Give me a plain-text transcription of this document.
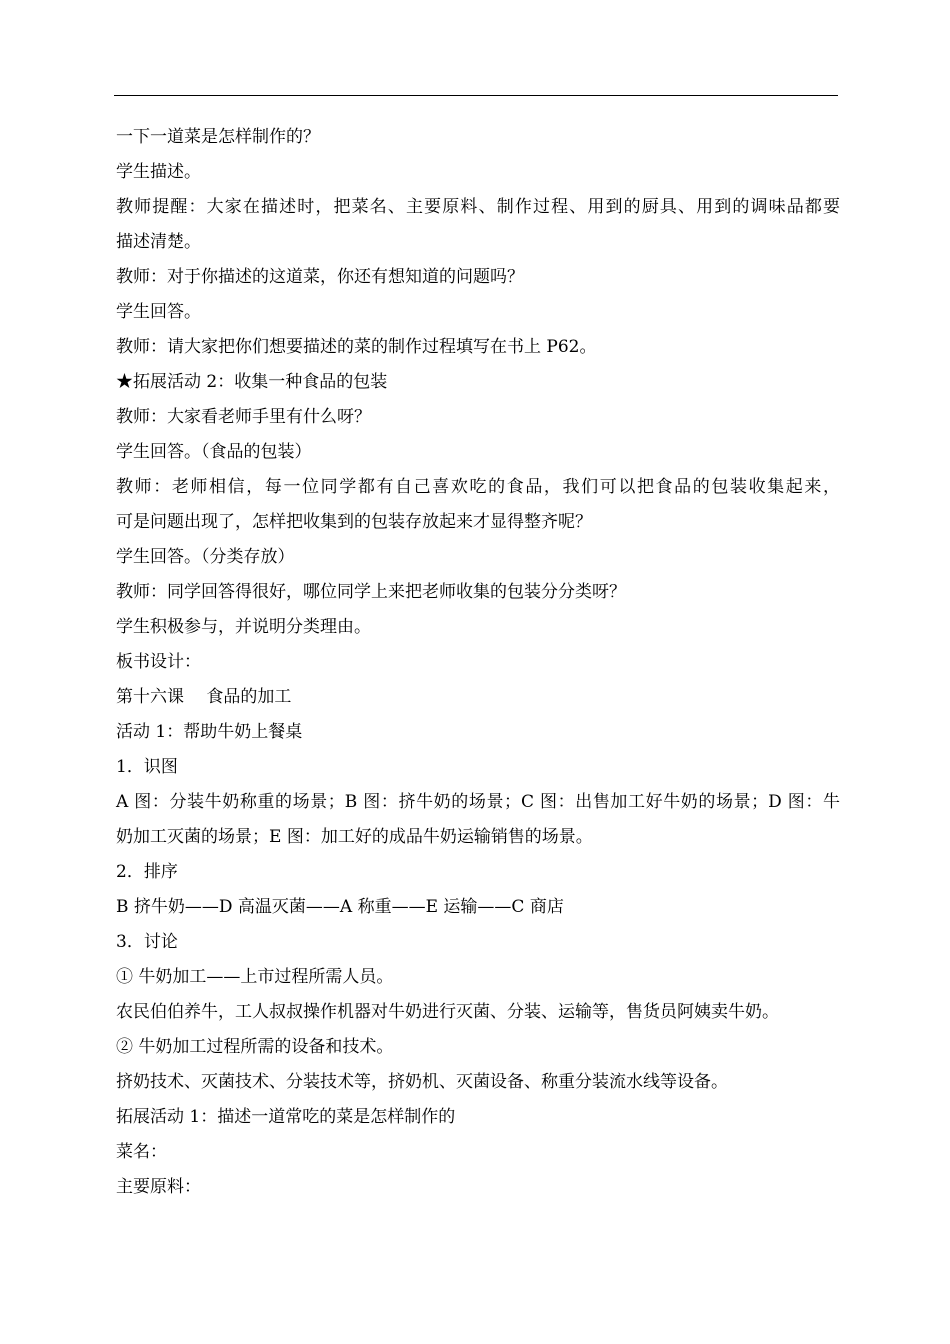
一下一道菜是怎样制作的？
学生描述。
教师提醒：大家在描述时，把菜名、主要原料、制作过程、用到的厨具、用到的调味品都要
描述清楚。
教师：对于你描述的这道菜，你还有想知道的问题吗？
学生回答。
教师：请大家把你们想要描述的菜的制作过程填写在书上 P62。
★拓展活动 2：收集一种食品的包装
教师：大家看老师手里有什么呀？
学生回答。（食品的包装）
教师：老师相信，每一位同学都有自己喜欢吃的食品，我们可以把食品的包装收集起来，
可是问题出现了，怎样把收集到的包装存放起来才显得整齐呢？
学生回答。（分类存放）
教师：同学回答得很好，哪位同学上来把老师收集的包装分分类呀？
学生积极参与，并说明分类理由。
板书设计：
第十六课　 食品的加工
活动 1：帮助牛奶上餐桌
1．识图
A 图：分装牛奶称重的场景；B 图：挤牛奶的场景；C 图：出售加工好牛奶的场景；D 图：牛
奶加工灭菌的场景；E 图：加工好的成品牛奶运输销售的场景。
2．排序
B 挤牛奶——D 高温灭菌——A 称重——E 运输——C 商店
3．讨论
① 牛奶加工——上市过程所需人员。
农民伯伯养牛，工人叔叔操作机器对牛奶进行灭菌、分装、运输等，售货员阿姨卖牛奶。
② 牛奶加工过程所需的设备和技术。
挤奶技术、灭菌技术、分装技术等，挤奶机、灭菌设备、称重分装流水线等设备。
拓展活动 1：描述一道常吃的菜是怎样制作的
菜名：
主要原料：
